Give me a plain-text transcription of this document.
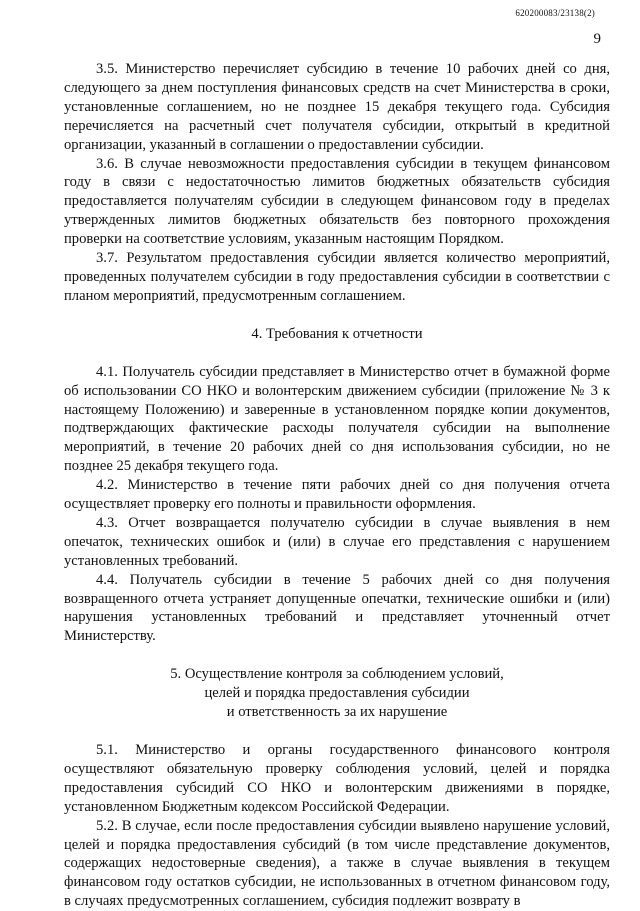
620200083/23138(2)
9

3.5. Министерство перечисляет субсидию в течение 10 рабочих дней со дня, следующего за днем поступления финансовых средств на счет Министерства в сроки, установленные соглашением, но не позднее 15 декабря текущего года. Субсидия перечисляется на расчетный счет получателя субсидии, открытый в кредитной организации, указанный в соглашении о предоставлении субсидии.

3.6. В случае невозможности предоставления субсидии в текущем финансовом году в связи с недостаточностью лимитов бюджетных обязательств субсидия предоставляется получателям субсидии в следующем финансовом году в пределах утвержденных лимитов бюджетных обязательств без повторного прохождения проверки на соответствие условиям, указанным настоящим Порядком.

3.7. Результатом предоставления субсидии является количество мероприятий, проведенных получателем субсидии в году предоставления субсидии в соответствии с планом мероприятий, предусмотренным соглашением.

4. Требования к отчетности

4.1. Получатель субсидии представляет в Министерство отчет в бумажной форме об использовании СО НКО и волонтерским движением субсидии (приложение № 3 к настоящему Положению) и заверенные в установленном порядке копии документов, подтверждающих фактические расходы получателя субсидии на выполнение мероприятий, в течение 20 рабочих дней со дня использования субсидии, но не позднее 25 декабря текущего года.

4.2. Министерство в течение пяти рабочих дней со дня получения отчета осуществляет проверку его полноты и правильности оформления.

4.3. Отчет возвращается получателю субсидии в случае выявления в нем опечаток, технических ошибок и (или) в случае его представления с нарушением установленных требований.

4.4. Получатель субсидии в течение 5 рабочих дней со дня получения возвращенного отчета устраняет допущенные опечатки, технические ошибки и (или) нарушения установленных требований и представляет уточненный отчет Министерству.

5. Осуществление контроля за соблюдением условий,
целей и порядка предоставления субсидии
и ответственность за их нарушение

5.1. Министерство и органы государственного финансового контроля осуществляют обязательную проверку соблюдения условий, целей и порядка предоставления субсидий СО НКО и волонтерским движениями в порядке, установленном Бюджетным кодексом Российской Федерации.

5.2. В случае, если после предоставления субсидии выявлено нарушение условий, целей и порядка предоставления субсидий (в том числе представление документов, содержащих недостоверные сведения), а также в случае выявления в текущем финансовом году остатков субсидии, не использованных в отчетном финансовом году, в случаях предусмотренных соглашением, субсидия подлежит возврату в
